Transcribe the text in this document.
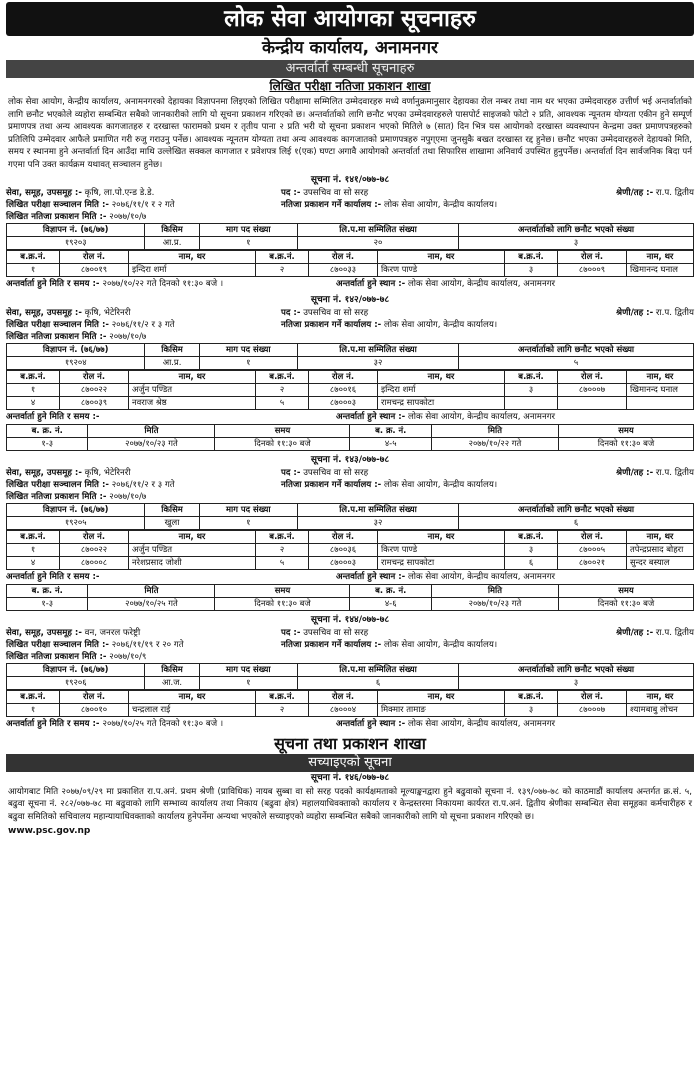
लोक सेवा आयोगका सूचनाहरु
केन्द्रीय कार्यालय, अनामनगर
अन्तर्वार्ता सम्बन्धी सूचनाहरु
लिखित परीक्षा नतिजा प्रकाशन शाखा
लोक सेवा आयोग, केन्द्रीय कार्यालय, अनामनगरको देहायका विज्ञापनमा लिइएको लिखित परीक्षामा सम्मिलित उम्मेदवारहरु मध्ये वर्णानुक्रमानुसार देहायका रोल नम्बर तथा नाम थर भएका उम्मेदवारहरु उत्तीर्ण भई अन्तर्वार्ताको लागि छनौट भएकोले व्यहोरा सम्बन्धित सबैको जानकारीको लागि यो सूचना प्रकाशन गरिएको छ। अन्तर्वार्ताको लागि छनौट भएका उम्मेदवारहरुले पासपोर्ट साइजको फोटो २ प्रति, आवश्यक न्यूनतम योग्यता एकीन हुने सम्पूर्ण प्रमाणपत्र तथा अन्य आवश्यक कागजातहरु र दरखास्त फारामको प्रथम र तृतीय पाना २ प्रति भरी यो सूचना प्रकाशन भएको मितिले ७ (सात) दिन भित्र यस आयोगको दरखास्त व्यवस्थापन केन्द्रमा उक्त प्रमाणपत्रहरुको प्रतिलिपि उम्मेदवार आफैले प्रमाणित गरी रुजु गराउनु पर्नेछ। आवश्यक न्यूनतम योग्यता तथा अन्य आवश्यक कागजातको प्रमाणपत्रहरु नपुग्एमा जुनसुकै बखत दरखास्त रद्द हुनेछ। छनौट भएका उम्मेदवारहरुले देहायको मिति, समय र स्थानमा हुने अन्तर्वार्ता दिन आउँदा माथि उल्लेखित सक्कल कागजात र प्रवेशपत्र लिई १(एक) घण्टा अगावै आयोगको अन्तर्वार्ता तथा सिफारिस शाखामा अनिवार्य उपस्थित हुनुपर्नेछ। अन्तर्वार्ता दिन सार्वजनिक बिदा पर्न गएमा पनि उक्त कार्यक्रम यथावत् सञ्चालन हुनेछ।
सूचना नं. १४१/०७७-७८
सेवा, समूह, उपसमूह :- कृषि, ला.पो.एन्ड डे.डे.	पद :- उपसचिव वा सो सरह	श्रेणी/तह :- रा.प. द्वितीय
लिखित परीक्षा सञ्चालन मिति :- २०७६/११/१ र २ गते	नतिजा प्रकाशन गर्ने कार्यालय :- लोक सेवा आयोग, केन्द्रीय कार्यालय।
लिखित नतिजा प्रकाशन मिति :- २०७७/१०/७
विज्ञापन नं. (७६/७७)	किसिम	माग पद संख्या	लि.प.मा सम्मिलित संख्या	अन्तर्वार्ताको लागि छनौट भएको संख्या
१९२०३	आ.प्र.	१	२०	३
ब.क्र.नं.	रोल नं.	नाम, थर	ब.क्र.नं.	रोल नं.	नाम, थर	ब.क्र.नं.	रोल नं.	नाम, थर
१	८७००१९	इन्दिरा शर्मा	२	८७००३३	किरण पाण्डे	३	८७०००९	खिमानन्द घनाल
अन्तर्वार्ता हुने मिति र समय :- २०७७/१०/२२ गते दिनको ११:३० बजे ।	अन्तर्वार्ता हुने स्थान :- लोक सेवा आयोग, केन्द्रीय कार्यालय, अनामनगर
सूचना नं. १४२/०७७-७८
सेवा, समूह, उपसमूह :- कृषि, भेटेरिनरी	पद :- उपसचिव वा सो सरह	श्रेणी/तह :- रा.प. द्वितीय
लिखित परीक्षा सञ्चालन मिति :- २०७६/११/२ र ३ गते	नतिजा प्रकाशन गर्ने कार्यालय :- लोक सेवा आयोग, केन्द्रीय कार्यालय।
लिखित नतिजा प्रकाशन मिति :- २०७७/१०/७
विज्ञापन नं. (७६/७७)	किसिम	माग पद संख्या	लि.प.मा सम्मिलित संख्या	अन्तर्वार्ताको लागि छनौट भएको संख्या
१९२०४	आ.प्र.	१	३२	५
ब.क्र.नं.	रोल नं.	नाम, थर	ब.क्र.नं.	रोल नं.	नाम, थर	ब.क्र.नं.	रोल नं.	नाम, थर
१	८७००२२	अर्जुन पण्डित	२	८७००१६	इन्दिरा शर्मा	३	८७०००७	खिमानन्द घनाल
४	८७००३९	नवराज श्रेष्ठ	५	८७०००३	रामचन्द्र सापकोटा			
अन्तर्वार्ता हुने मिति र समय :-	अन्तर्वार्ता हुने स्थान :- लोक सेवा आयोग, केन्द्रीय कार्यालय, अनामनगर
ब. क्र. नं.	मिति	समय	ब. क्र. नं.	मिति	समय
१-३	२०७७/१०/२३ गते	दिनको ११:३० बजे	४-५	२०७७/१०/२२ गते	दिनको ११:३० बजे
सूचना नं. १४३/०७७-७८
सेवा, समूह, उपसमूह :- कृषि, भेटेरिनरी	पद :- उपसचिव वा सो सरह	श्रेणी/तह :- रा.प. द्वितीय
लिखित परीक्षा सञ्चालन मिति :- २०७६/११/२ र ३ गते	नतिजा प्रकाशन गर्ने कार्यालय :- लोक सेवा आयोग, केन्द्रीय कार्यालय।
लिखित नतिजा प्रकाशन मिति :- २०७७/१०/७
विज्ञापन नं. (७६/७७)	किसिम	माग पद संख्या	लि.प.मा सम्मिलित संख्या	अन्तर्वार्ताको लागि छनौट भएको संख्या
१९२०५	खुला	१	३२	६
ब.क्र.नं.	रोल नं.	नाम, थर	ब.क्र.नं.	रोल नं.	नाम, थर	ब.क्र.नं.	रोल नं.	नाम, थर
१	८७००२२	अर्जुन पण्डित	२	८७००३६	किरण पाण्डे	३	८७०००५	तपेन्द्रप्रसाद बोहरा
४	८७०००८	नरेशप्रसाद जोशी	५	८७०००३	रामचन्द्र सापकोटा	६	८७००२१	सुन्दर बस्याल
अन्तर्वार्ता हुने मिति र समय :-	अन्तर्वार्ता हुने स्थान :- लोक सेवा आयोग, केन्द्रीय कार्यालय, अनामनगर
ब. क्र. नं.	मिति	समय	ब. क्र. नं.	मिति	समय
१-३	२०७७/१०/२५ गते	दिनको ११:३० बजे	४-६	२०७७/१०/२३ गते	दिनको ११:३० बजे
सूचना नं. १४४/०७७-७८
सेवा, समूह, उपसमूह :- वन, जनरल फरेष्ट्री	पद :- उपसचिव वा सो सरह	श्रेणी/तह :- रा.प. द्वितीय
लिखित परीक्षा सञ्चालन मिति :- २०७६/११/१९ र २० गते	नतिजा प्रकाशन गर्ने कार्यालय :- लोक सेवा आयोग, केन्द्रीय कार्यालय।
लिखित नतिजा प्रकाशन मिति :- २०७७/१०/९
विज्ञापन नं. (७६/७७)	किसिम	माग पद संख्या	लि.प.मा सम्मिलित संख्या	अन्तर्वार्ताको लागि छनौट भएको संख्या
१९२०६	आ.ज.	१	६	३
ब.क्र.नं.	रोल नं.	नाम, थर	ब.क्र.नं.	रोल नं.	नाम, थर	ब.क्र.नं.	रोल नं.	नाम, थर
१	८७००१०	चन्द्रलाल राई	२	८७०००४	मिक्मार तामाङ	३	८७०००७	श्यामबाबु लोचन
अन्तर्वार्ता हुने मिति र समय :- २०७७/१०/२५ गते दिनको ११:३० बजे ।	अन्तर्वार्ता हुने स्थान :- लोक सेवा आयोग, केन्द्रीय कार्यालय, अनामनगर
सूचना तथा प्रकाशन शाखा
सच्याइएको सूचना
सूचना नं. १४६/०७७-७८
आयोगबाट मिति २०७७/०९/२९ मा प्रकाशित रा.प.अनं. प्रथम श्रेणी (प्राविधिक) नायब सुब्बा वा सो सरह पदको कार्यक्षमताको मूल्याङ्कनद्वारा हुने बढुवाको सूचना नं. १३९/०७७-७८ को काठमाडौं कार्यालय अन्तर्गत क्र.सं. ५, बढुवा सूचना नं. २८२/०७७-७८ मा बढुवाको लागि सम्भाव्य कार्यालय तथा निकाय (बढुवा क्षेत्र) महालयाधिवक्ताको कार्यालय र केन्द्रस्तरमा निकायमा कार्यरत रा.प.अनं. द्वितीय श्रेणीका सम्बन्धित सेवा समूहका कर्मचारीहरु र बढुवा समितिको सचिवालय महान्यायाधिवक्ताको कार्यालय हुनेपर्नेमा अन्यथा भएकोले सच्याइएको व्यहोरा सम्बन्धित सबैको जानकारीको लागि यो सूचना प्रकाशन गरिएको छ।
www.psc.gov.np
